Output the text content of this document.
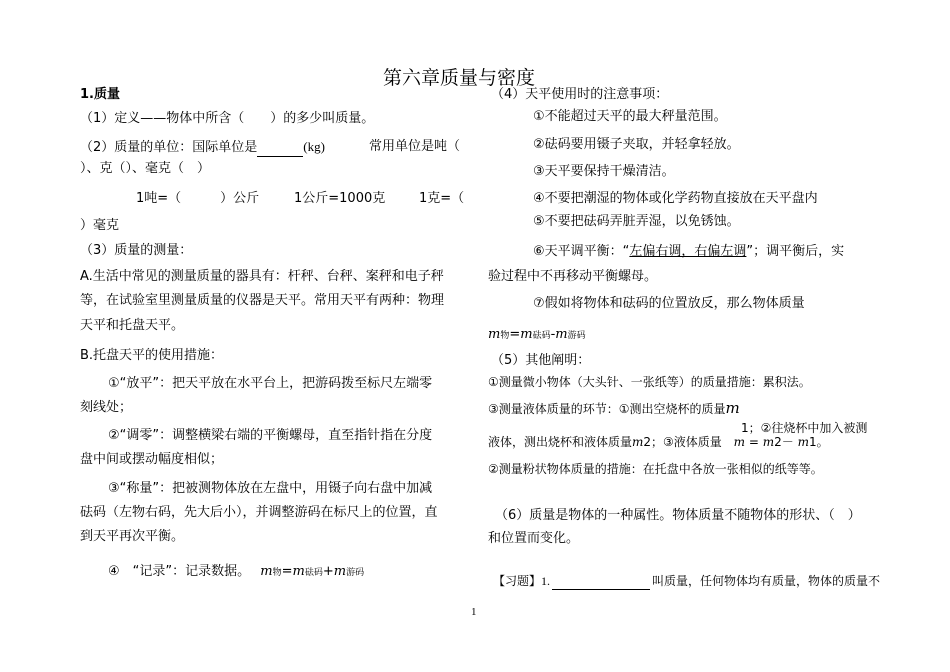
第六章质量与密度
1.质量
（1）定义——物体中所含（　　）的多少叫质量。
（2）质量的单位：国际单位是	(kg)	常用单位是吨（
）、克（）、毫克（　）
1吨=（　　　）公斤	1公斤=1000克	1克=（
）毫克
（3）质量的测量：
A.生活中常见的测量质量的器具有：杆秤、台秤、案秤和电子秤
等，在试验室里测量质量的仪器是天平。常用天平有两种：物理
天平和托盘天平。
B.托盘天平的使用措施：
①“放平”：把天平放在水平台上，把游码拨至标尺左端零
刻线处；
②“调零”：调整横梁右端的平衡螺母，直至指针指在分度
盘中间或摆动幅度相似；
③“称量”：把被测物体放在左盘中，用镊子向右盘中加减
砝码（左物右码，先大后小），并调整游码在标尺上的位置，直
到天平再次平衡。
④　“记录”：记录数据。 m物=m砝码+m游码
（4）天平使用时的注意事项：
①不能超过天平的最大秤量范围。
②砝码要用镊子夹取，并轻拿轻放。
③天平要保持干燥清洁。
④不要把潮湿的物体或化学药物直接放在天平盘内
⑤不要把砝码弄脏弄湿，以免锈蚀。
⑥天平调平衡：“左偏右调，右偏左调”；调平衡后，实
验过程中不再移动平衡螺母。
⑦假如将物体和砝码的位置放反，那么物体质量
m物=m砝码-m游码
（5）其他阐明：
①测量微小物体（大头针、一张纸等）的质量措施：累积法。
③测量液体质量的环节：①测出空烧杯的质量m
1；②往烧杯中加入被测
液体，测出烧杯和液体质量m2；③液体质量 m = m2－ m1。
②测量粉状物体质量的措施：在托盘中各放一张相似的纸等等。
（6）质量是物体的一种属性。物体质量不随物体的形状、（　）
和位置而变化。
【习题】1.	叫质量，任何物体均有质量，物体的质量不
1
